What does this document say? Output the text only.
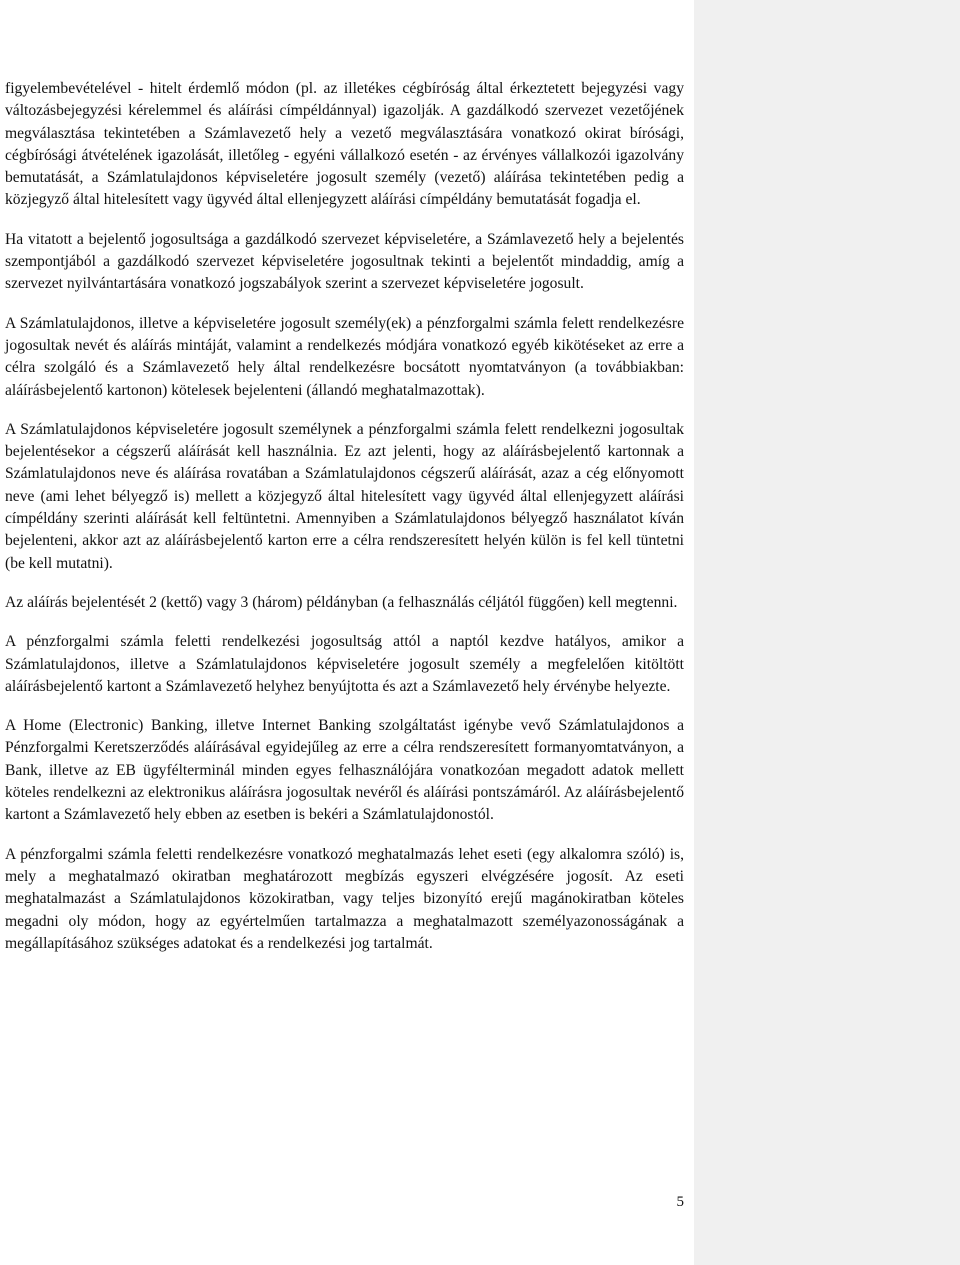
figyelembevételével - hitelt érdemlő módon (pl. az illetékes cégbíróság által érkeztetett bejegyzési vagy változásbejegyzési kérelemmel és aláírási címpéldánnyal) igazolják. A gazdálkodó szervezet vezetőjének megválasztása tekintetében a Számlavezető hely a vezető megválasztására vonatkozó okirat bírósági, cégbírósági átvételének igazolását, illetőleg - egyéni vállalkozó esetén - az érvényes vállalkozói igazolvány bemutatását, a Számlatulajdonos képviseletére jogosult személy (vezető) aláírása tekintetében pedig a közjegyző által hitelesített vagy ügyvéd által ellenjegyzett aláírási címpéldány bemutatását fogadja el.

Ha vitatott a bejelentő jogosultsága a gazdálkodó szervezet képviseletére, a Számlavezető hely a bejelentés szempontjából a gazdálkodó szervezet képviseletére jogosultnak tekinti a bejelentőt mindaddig, amíg a szervezet nyilvántartására vonatkozó jogszabályok szerint a szervezet képviseletére jogosult.

A Számlatulajdonos, illetve a képviseletére jogosult személy(ek) a pénzforgalmi számla felett rendelkezésre jogosultak nevét és aláírás mintáját, valamint a rendelkezés módjára vonatkozó egyéb kikötéseket az erre a célra szolgáló és a Számlavezető hely által rendelkezésre bocsátott nyomtatványon (a továbbiakban: aláírásbejelentő kartonon) kötelesek bejelenteni (állandó meghatalmazottak).

A Számlatulajdonos képviseletére jogosult személynek a pénzforgalmi számla felett rendelkezni jogosultak bejelentésekor a cégszerű aláírását kell használnia. Ez azt jelenti, hogy az aláírásbejelentő kartonnak a Számlatulajdonos neve és aláírása rovatában a Számlatulajdonos cégszerű aláírását, azaz a cég előnyomott neve (ami lehet bélyegző is) mellett a közjegyző által hitelesített vagy ügyvéd által ellenjegyzett aláírási címpéldány szerinti aláírását kell feltüntetni. Amennyiben a Számlatulajdonos bélyegző használatot kíván bejelenteni, akkor azt az aláírásbejelentő karton erre a célra rendszeresített helyén külön is fel kell tüntetni (be kell mutatni).

Az aláírás bejelentését 2 (kettő) vagy 3 (három) példányban (a felhasználás céljától függően) kell megtenni.

A pénzforgalmi számla feletti rendelkezési jogosultság attól a naptól kezdve hatályos, amikor a Számlatulajdonos, illetve a Számlatulajdonos képviseletére jogosult személy a megfelelően kitöltött aláírásbejelentő kartont a Számlavezető helyhez benyújtotta és azt a Számlavezető hely érvénybe helyezte.

A Home (Electronic) Banking, illetve Internet Banking szolgáltatást igénybe vevő Számlatulajdonos a Pénzforgalmi Keretszerződés aláírásával egyidejűleg az erre a célra rendszeresített formanyomtatványon, a Bank, illetve az EB ügyfélterminál minden egyes felhasználójára vonatkozóan megadott adatok mellett köteles rendelkezni az elektronikus aláírásra jogosultak nevéről és aláírási pontszámáról. Az aláírásbejelentő kartont a Számlavezető hely ebben az esetben is bekéri a Számlatulajdonostól.

A pénzforgalmi számla feletti rendelkezésre vonatkozó meghatalmazás lehet eseti (egy alkalomra szóló) is, mely a meghatalmazó okiratban meghatározott megbízás egyszeri elvégzésére jogosít. Az eseti meghatalmazást a Számlatulajdonos közokiratban, vagy teljes bizonyító erejű magánokiratban köteles megadni oly módon, hogy az egyértelműen tartalmazza a meghatalmazott személyazonosságának a megállapításához szükséges adatokat és a rendelkezési jog tartalmát.

5
